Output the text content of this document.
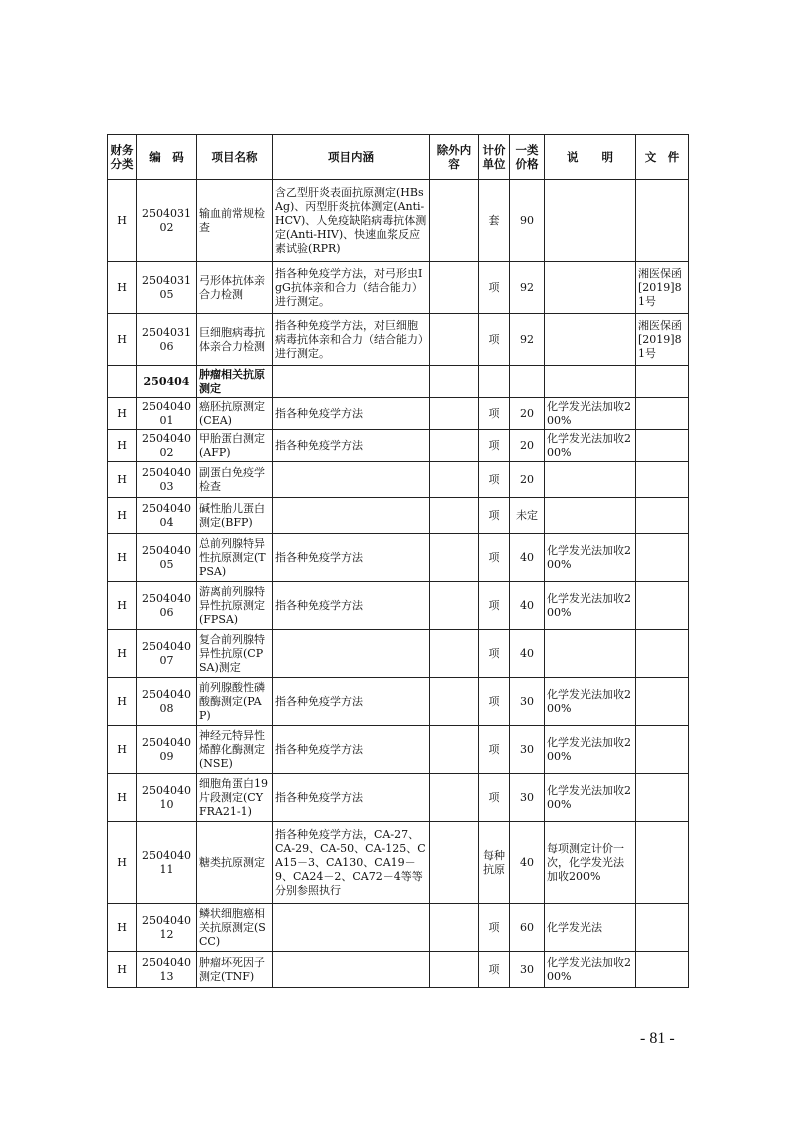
财务分类	编　码	项目名称	项目内涵	除外内容	计价单位	一类价格	说　　明	文　件
H	250403102	输血前常规检查	含乙型肝炎表面抗原测定(HBsAg)、丙型肝炎抗体测定(Anti-HCV)、人免疫缺陷病毒抗体测定(Anti-HIV)、快速血浆反应素试验(RPR)		套	90		
H	250403105	弓形体抗体亲合力检测	指各种免疫学方法，对弓形虫IgG抗体亲和合力（结合能力）进行测定。		项	92		湘医保函[2019]81号
H	250403106	巨细胞病毒抗体亲合力检测	指各种免疫学方法，对巨细胞病毒抗体亲和合力（结合能力）进行测定。		项	92		湘医保函[2019]81号
	250404	肿瘤相关抗原测定						
H	250404001	癌胚抗原测定(CEA)	指各种免疫学方法		项	20	化学发光法加收200%	
H	250404002	甲胎蛋白测定(AFP)	指各种免疫学方法		项	20	化学发光法加收200%	
H	250404003	副蛋白免疫学检查			项	20		
H	250404004	碱性胎儿蛋白测定(BFP)			项	未定		
H	250404005	总前列腺特异性抗原测定(TPSA)	指各种免疫学方法		项	40	化学发光法加收200%	
H	250404006	游离前列腺特异性抗原测定(FPSA)	指各种免疫学方法		项	40	化学发光法加收200%	
H	250404007	复合前列腺特异性抗原(CPSA)测定			项	40		
H	250404008	前列腺酸性磷酸酶测定(PAP)	指各种免疫学方法		项	30	化学发光法加收200%	
H	250404009	神经元特异性烯醇化酶测定(NSE)	指各种免疫学方法		项	30	化学发光法加收200%	
H	250404010	细胞角蛋白19片段测定(CYFRA21-1)	指各种免疫学方法		项	30	化学发光法加收200%	
H	250404011	糖类抗原测定	指各种免疫学方法，CA-27、CA-29、CA-50、CA-125、CA15－3、CA130、CA19－9、CA24－2、CA72－4等等分别参照执行		每种抗原	40	每项测定计价一次，化学发光法加收200%	
H	250404012	鳞状细胞癌相关抗原测定(SCC)			项	60	化学发光法	
H	250404013	肿瘤坏死因子测定(TNF)			项	30	化学发光法加收200%	
- 81 -
